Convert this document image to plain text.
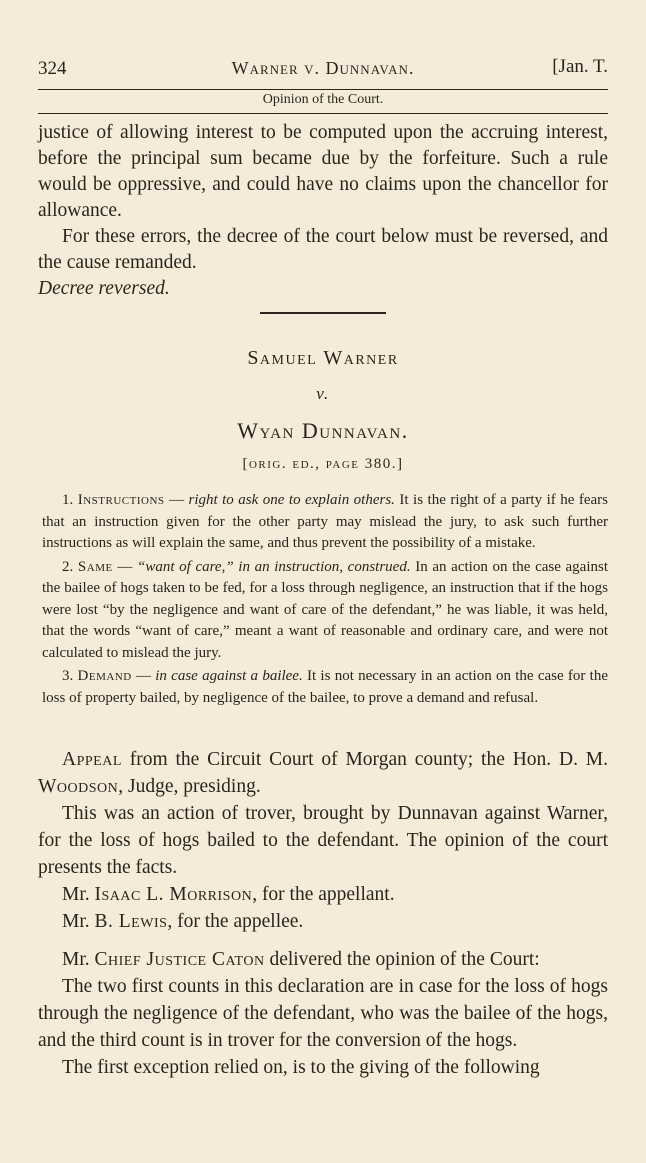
324	Warner v. Dunnavan.	[Jan. T.
Opinion of the Court.

justice of allowing interest to be computed upon the accruing interest, before the principal sum became due by the forfeiture. Such a rule would be oppressive, and could have no claims upon the chancellor for allowance.

For these errors, the decree of the court below must be reversed, and the cause remanded.

Decree reversed.

Samuel Warner
v.
Wyan Dunnavan.
[orig. ed., page 380.]

1. Instructions — right to ask one to explain others. It is the right of a party if he fears that an instruction given for the other party may mislead the jury, to ask such further instructions as will explain the same, and thus prevent the possibility of a mistake.

2. Same — “want of care,” in an instruction, construed. In an action on the case against the bailee of hogs taken to be fed, for a loss through negligence, an instruction that if the hogs were lost “by the negligence and want of care of the defendant,” he was liable, it was held, that the words “want of care,” meant a want of reasonable and ordinary care, and were not calculated to mislead the jury.

3. Demand — in case against a bailee. It is not necessary in an action on the case for the loss of property bailed, by negligence of the bailee, to prove a demand and refusal.

Appeal from the Circuit Court of Morgan county; the Hon. D. M. Woodson, Judge, presiding.

This was an action of trover, brought by Dunnavan against Warner, for the loss of hogs bailed to the defendant. The opinion of the court presents the facts.

Mr. Isaac L. Morrison, for the appellant.

Mr. B. Lewis, for the appellee.

Mr. Chief Justice Caton delivered the opinion of the Court:

The two first counts in this declaration are in case for the loss of hogs through the negligence of the defendant, who was the bailee of the hogs, and the third count is in trover for the conversion of the hogs.

The first exception relied on, is to the giving of the following
